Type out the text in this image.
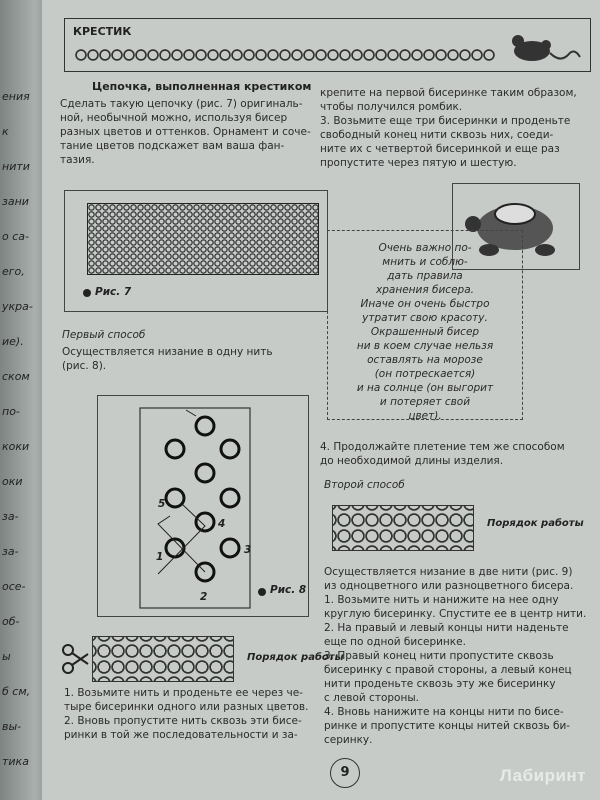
ения
к
нити
зани
о са-
его,
укра-
ие).
ском
по-
коки
оки
за-
за-
осе-
об-
ы
б см,
вы-
тика
КРЕСТИК
Цепочка, выполненная крестиком
Сделать такую цепочку (рис. 7) оригиналь-
ной, необычной можно, используя бисер
разных цветов и оттенков. Орнамент и соче-
тание цветов подскажет вам ваша фан-
тазия.
Рис. 7
Первый способ
Осуществляется низание в одну нить
(рис. 8).
1
2
3
4
5
Рис. 8
Порядок работы
1. Возьмите нить и проденьте ее через че-
тыре бисеринки одного или разных цветов.
2. Вновь пропустите нить сквозь эти бисе-
ринки в той же последовательности и за-
крепите на первой бисеринке таким образом,
чтобы получился ромбик.
3. Возьмите еще три бисеринки и проденьте
свободный конец нити сквозь них, соеди-
ните их с четвертой бисеринкой и еще раз
пропустите через пятую и шестую.
Очень важно по-
мнить и соблю-
дать правила
хранения бисера.
Иначе он очень быстро
утратит свою красоту.
Окрашенный бисер
ни в коем случае нельзя
оставлять на морозе
(он потрескается)
и на солнце (он выгорит
и потеряет свой
цвет).
4. Продолжайте плетение тем же способом
до необходимой длины изделия.
Второй способ
Порядок работы
Осуществляется низание в две нити (рис. 9)
из одноцветного или разноцветного бисера.
1. Возьмите нить и нанижите на нее одну
круглую бисеринку. Спустите ее в центр нити.
2. На правый и левый концы нити наденьте
еще по одной бисеринке.
3. Правый конец нити пропустите сквозь
бисеринку с правой стороны, а левый конец
нити проденьте сквозь эту же бисеринку
с левой стороны.
4. Вновь нанижите на концы нити по бисе-
ринке и пропустите концы нитей сквозь би-
серинку.
9	Лабиринт
